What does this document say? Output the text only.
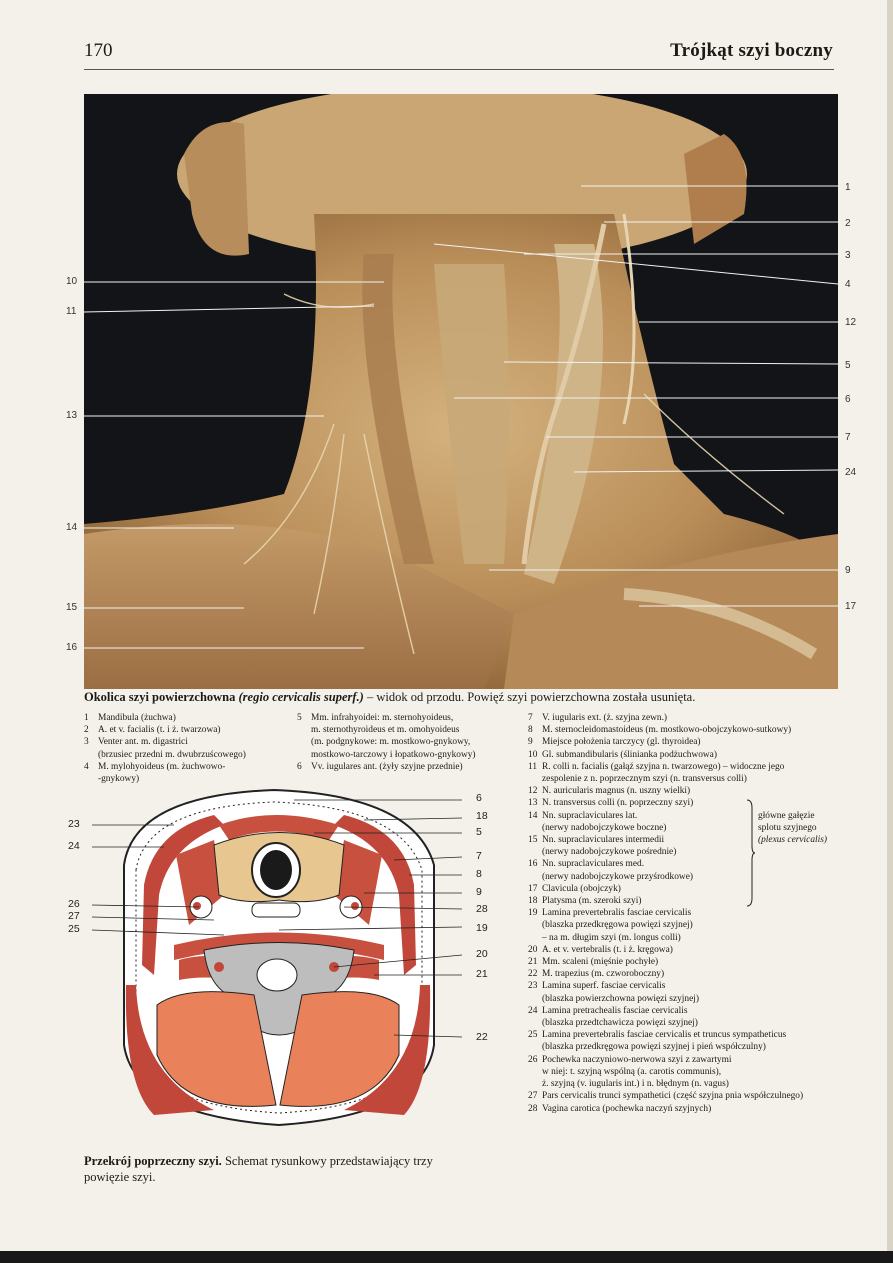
170	Trójkąt szyi boczny
1
2
3
4
12
5
6
7
24
9
17
10
11
13
14
15
16
Okolica szyi powierzchowna (regio cervicalis superf.) – widok od przodu. Powięź szyi powierzchowna została usunięta.
1 Mandibula (żuchwa)
2 A. et v. facialis (t. i ż. twarzowa)
3 Venter ant. m. digastrici
(brzusiec przedni m. dwubrzuścowego)
4 M. mylohyoideus (m. żuchwowo-
-gnykowy)
5 Mm. infrahyoidei: m. sternohyoideus,
m. sternothyroideus et m. omohyoideus
(m. podgnykowe: m. mostkowo-gnykowy,
mostkowo-tarczowy i łopatkowo-gnykowy)
6 Vv. iugulares ant. (żyły szyjne przednie)
7 V. iugularis ext. (ż. szyjna zewn.)
8 M. sternocleidomastoideus (m. mostkowo-obojczykowo-sutkowy)
9 Miejsce położenia tarczycy (gl. thyroidea)
10 Gl. submandibularis (ślinianka podżuchwowa)
11 R. colli n. facialis (gałąź szyjna n. twarzowego) – widoczne jego
zespolenie z n. poprzecznym szyi (n. transversus colli)
12 N. auricularis magnus (n. uszny wielki)
13 N. transversus colli (n. poprzeczny szyi)
14 Nn. supraclaviculares lat.
(nerwy nadobojczykowe boczne)
15 Nn. supraclaviculares intermedii
(nerwy nadobojczykowe pośrednie)
16 Nn. supraclaviculares med.
(nerwy nadobojczykowe przyśrodkowe)
17 Clavicula (obojczyk)
18 Platysma (m. szeroki szyi)
19 Lamina prevertebralis fasciae cervicalis
(blaszka przedkręgowa powięzi szyjnej)
– na m. długim szyi (m. longus colli)
20 A. et v. vertebralis (t. i ż. kręgowa)
21 Mm. scaleni (mięśnie pochyłe)
22 M. trapezius (m. czworoboczny)
23 Lamina superf. fasciae cervicalis
(blaszka powierzchowna powięzi szyjnej)
24 Lamina pretrachealis fasciae cervicalis
(blaszka przedtchawicza powięzi szyjnej)
25 Lamina prevertebralis fasciae cervicalis et truncus sympatheticus
(blaszka przedkręgowa powięzi szyjnej i pień współczulny)
26 Pochewka naczyniowo-nerwowa szyi z zawartymi
w niej: t. szyjną wspólną (a. carotis communis),
ż. szyjną (v. iugularis int.) i n. błędnym (n. vagus)
27 Pars cervicalis trunci sympathetici (część szyjna pnia współczulnego)
28 Vagina carotica (pochewka naczyń szyjnych)
główne gałęzie
splotu szyjnego
(plexus cervicalis)
6
18
5
7
8
9
28
19
20
21
22
23
24
26
27
25
Przekrój poprzeczny szyi. Schemat rysunkowy przedstawiający trzy powięzie szyi.
